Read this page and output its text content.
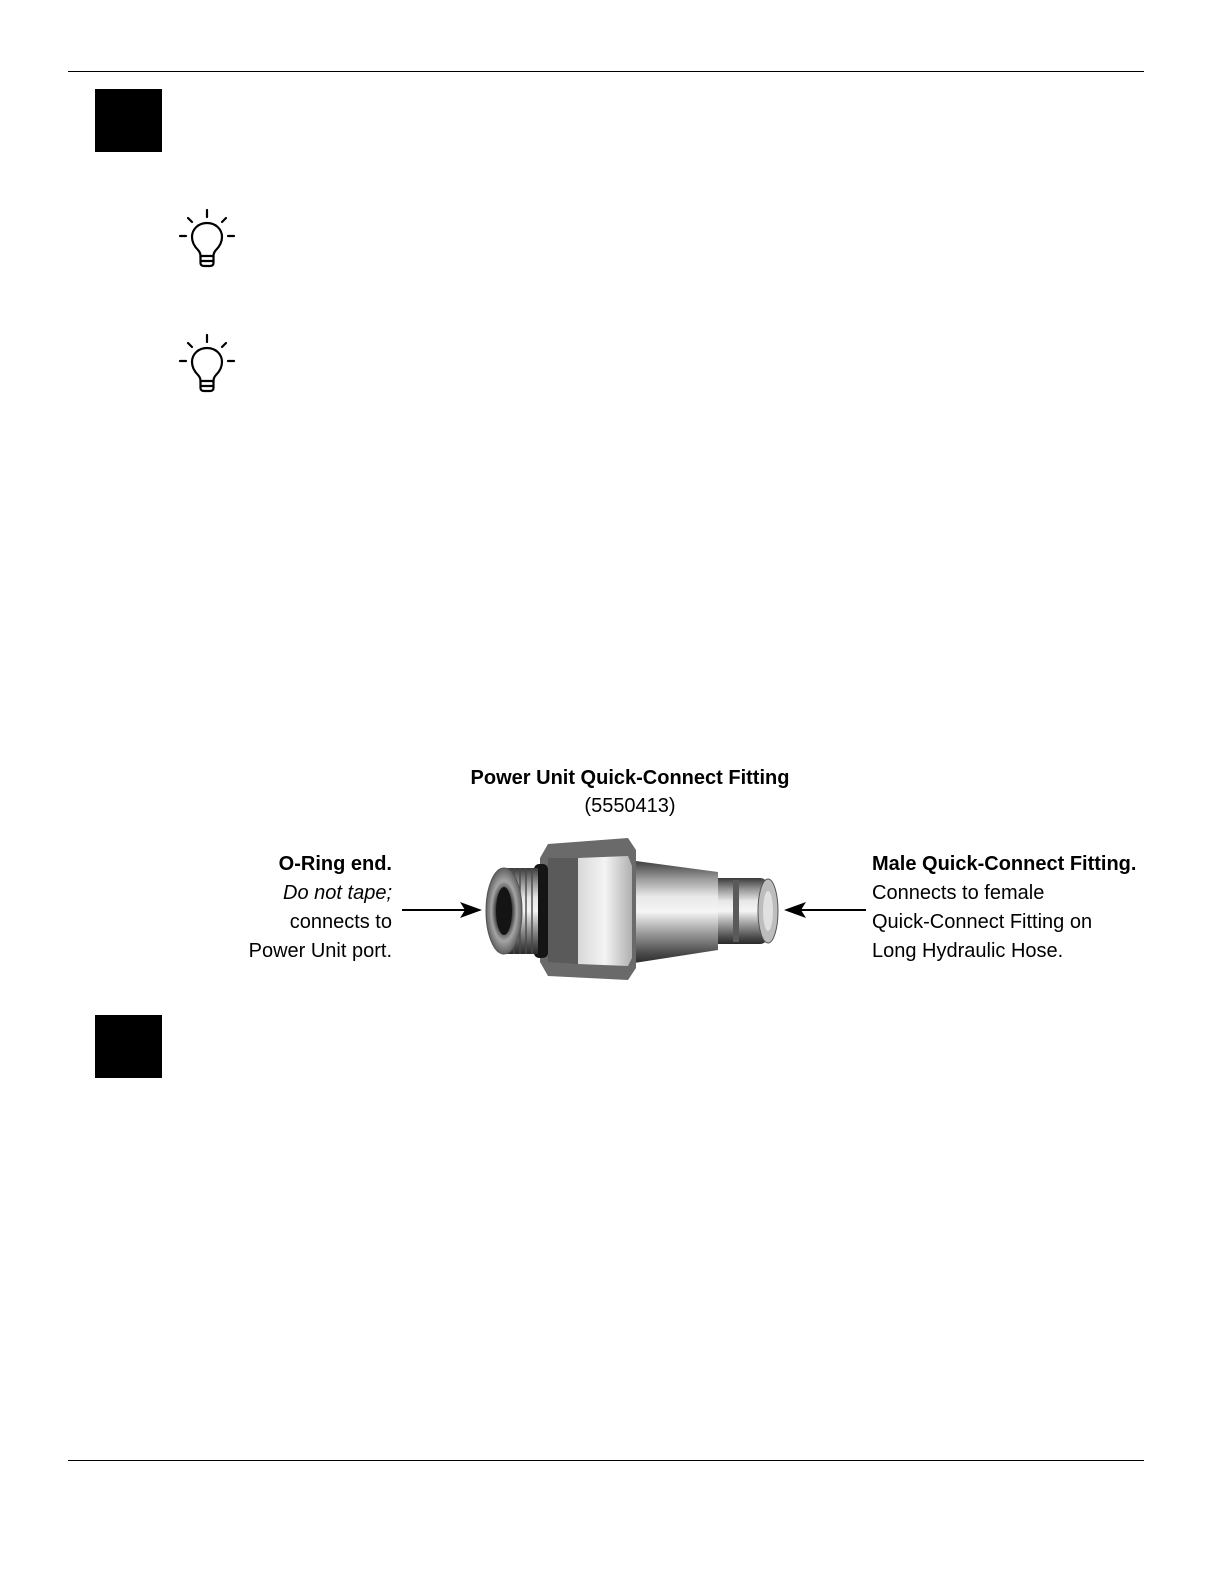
Power Unit Quick-Connect Fitting
(5550413)
O-Ring end.
Do not tape;
connects to
Power Unit port.
Male Quick-Connect Fitting.
Connects to female
Quick-Connect Fitting on
Long Hydraulic Hose.
